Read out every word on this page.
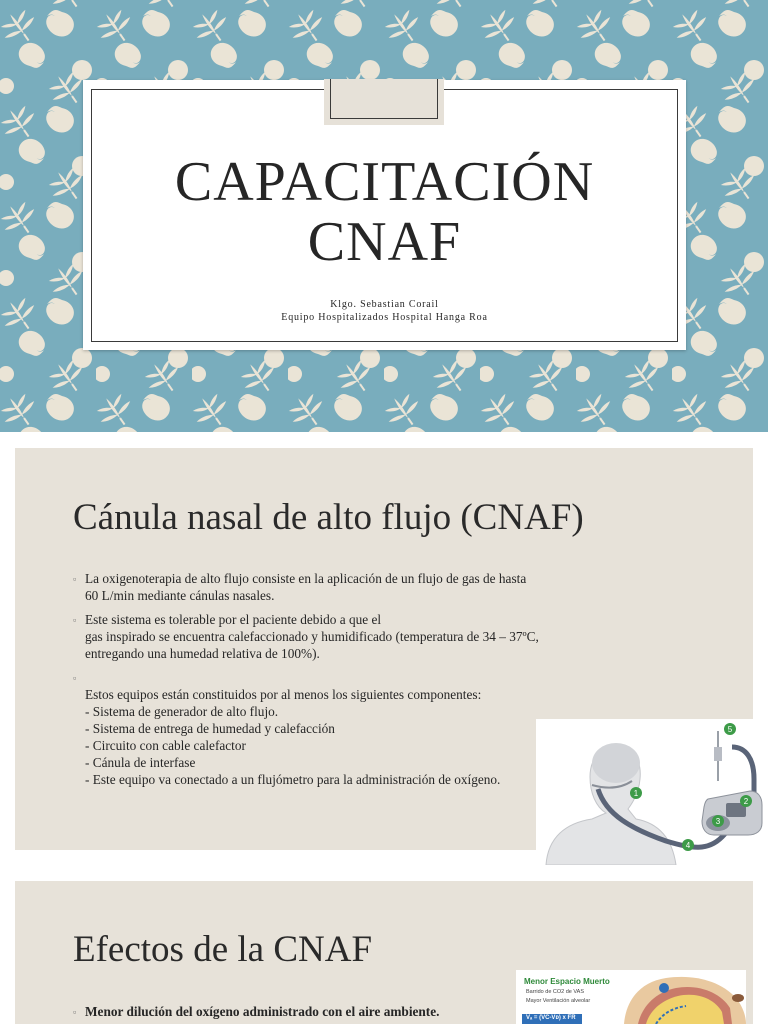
CAPACITACIÓN
CNAF
Klgo. Sebastian Corail
Equipo Hospitalizados Hospital Hanga Roa
Cánula nasal de alto flujo (CNAF)
▫ La oxigenoterapia de alto flujo consiste en la aplicación de un flujo de gas de hasta
60 L/min mediante cánulas nasales.
▫ Este sistema es tolerable por el paciente debido a que el
gas inspirado se encuentra calefaccionado y humidificado (temperatura de 34 – 37ºC,
entregando una humedad relativa de 100%).
▫
Estos equipos están constituidos por al menos los siguientes componentes:
- Sistema de generador de alto flujo.
- Sistema de entrega de humedad y calefacción
- Circuito con cable calefactor
- Cánula de interfase
- Este equipo va conectado a un flujómetro para la administración de oxígeno.
1
2
3
4
5
Efectos de la CNAF
▫ Menor dilución del oxígeno administrado con el aire ambiente.
Menor Espacio Muerto
Barrido de CO2 de VAS
Mayor Ventilación alveolar
Vₐ = (VC-Vᴅ) x FR
